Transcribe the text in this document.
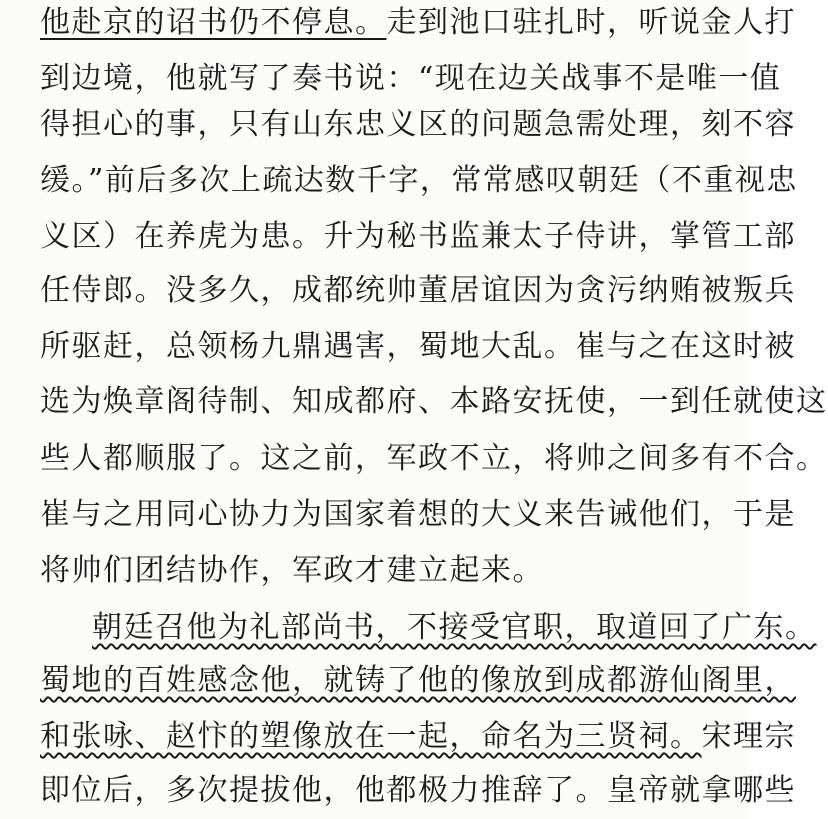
他赴京的诏书仍不停息。走到池口驻扎时，听说金人打
到边境，他就写了奏书说：“现在边关战事不是唯一值
得担心的事，只有山东忠义区的问题急需处理，刻不容
缓。”前后多次上疏达数千字，常常感叹朝廷（不重视忠
义区）在养虎为患。升为秘书监兼太子侍讲，掌管工部
任侍郎。没多久，成都统帅董居谊因为贪污纳贿被叛兵
所驱赶，总领杨九鼎遇害，蜀地大乱。崔与之在这时被
选为焕章阁待制、知成都府、本路安抚使，一到任就使这
些人都顺服了。这之前，军政不立，将帅之间多有不合。
崔与之用同心协力为国家着想的大义来告诫他们，于是
将帅们团结协作，军政才建立起来。
朝廷召他为礼部尚书，不接受官职，取道回了广东。
蜀地的百姓感念他，就铸了他的像放到成都游仙阁里，
和张咏、赵忭的塑像放在一起，命名为三贤祠。宋理宗
即位后，多次提拔他，他都极力推辞了。皇帝就拿哪些
